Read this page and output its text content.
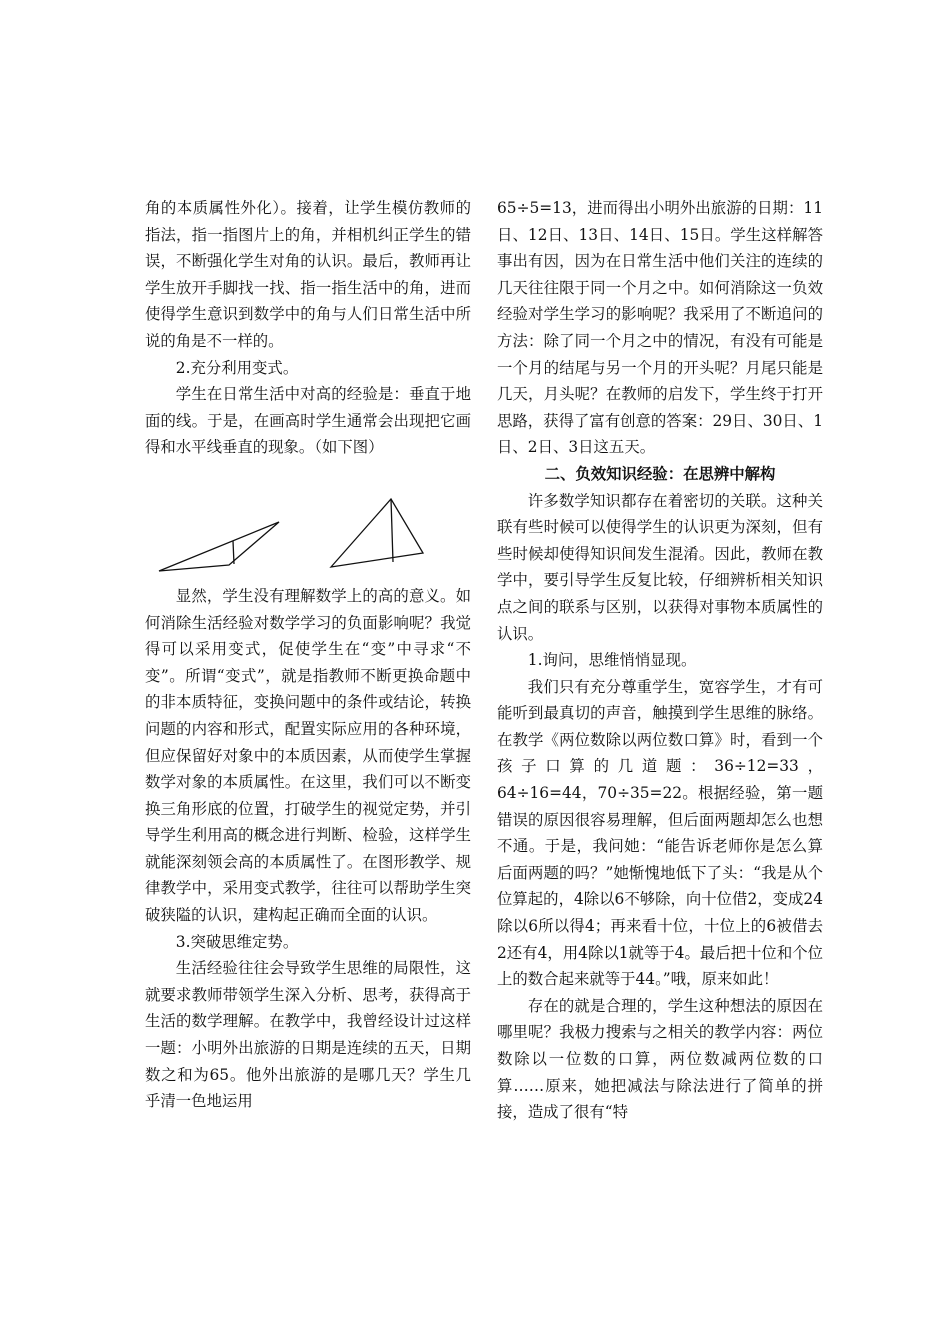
角的本质属性外化）。接着，让学生模仿教师的指法，指一指图片上的角，并相机纠正学生的错误，不断强化学生对角的认识。最后，教师再让学生放开手脚找一找、指一指生活中的角，进而使得学生意识到数学中的角与人们日常生活中所说的角是不一样的。

2.充分利用变式。

学生在日常生活中对高的经验是：垂直于地面的线。于是，在画高时学生通常会出现把它画得和水平线垂直的现象。（如下图）

显然，学生没有理解数学上的高的意义。如何消除生活经验对数学学习的负面影响呢？我觉得可以采用变式，促使学生在“变”中寻求“不变”。所谓“变式”，就是指教师不断更换命题中的非本质特征，变换问题中的条件或结论，转换问题的内容和形式，配置实际应用的各种环境，但应保留好对象中的本质因素，从而使学生掌握数学对象的本质属性。在这里，我们可以不断变换三角形底的位置，打破学生的视觉定势，并引导学生利用高的概念进行判断、检验，这样学生就能深刻领会高的本质属性了。在图形教学、规律教学中，采用变式教学，往往可以帮助学生突破狭隘的认识，建构起正确而全面的认识。

3.突破思维定势。

生活经验往往会导致学生思维的局限性，这就要求教师带领学生深入分析、思考，获得高于生活的数学理解。在教学中，我曾经设计过这样一题：小明外出旅游的日期是连续的五天，日期数之和为65。他外出旅游的是哪几天？学生几乎清一色地运用

65÷5=13，进而得出小明外出旅游的日期：11日、12日、13日、14日、15日。学生这样解答事出有因，因为在日常生活中他们关注的连续的几天往往限于同一个月之中。如何消除这一负效经验对学生学习的影响呢？我采用了不断追问的方法：除了同一个月之中的情况，有没有可能是一个月的结尾与另一个月的开头呢？月尾只能是几天，月头呢？在教师的启发下，学生终于打开思路，获得了富有创意的答案：29日、30日、1日、2日、3日这五天。

二、负效知识经验：在思辨中解构

许多数学知识都存在着密切的关联。这种关联有些时候可以使得学生的认识更为深刻，但有些时候却使得知识间发生混淆。因此，教师在教学中，要引导学生反复比较，仔细辨析相关知识点之间的联系与区别，以获得对事物本质属性的认识。

1.询问，思维悄悄显现。

我们只有充分尊重学生，宽容学生，才有可能听到最真切的声音，触摸到学生思维的脉络。在教学《两位数除以两位数口算》时，看到一个孩子口算的几道题：36÷12=33，64÷16=44，70÷35=22。根据经验，第一题错误的原因很容易理解，但后面两题却怎么也想不通。于是，我问她：“能告诉老师你是怎么算后面两题的吗？”她惭愧地低下了头：“我是从个位算起的，4除以6不够除，向十位借2，变成24除以6所以得4；再来看十位，十位上的6被借去2还有4，用4除以1就等于4。最后把十位和个位上的数合起来就等于44。”哦，原来如此！

存在的就是合理的，学生这种想法的原因在哪里呢？我极力搜索与之相关的教学内容：两位数除以一位数的口算，两位数减两位数的口算……原来，她把减法与除法进行了简单的拼接，造成了很有“特
